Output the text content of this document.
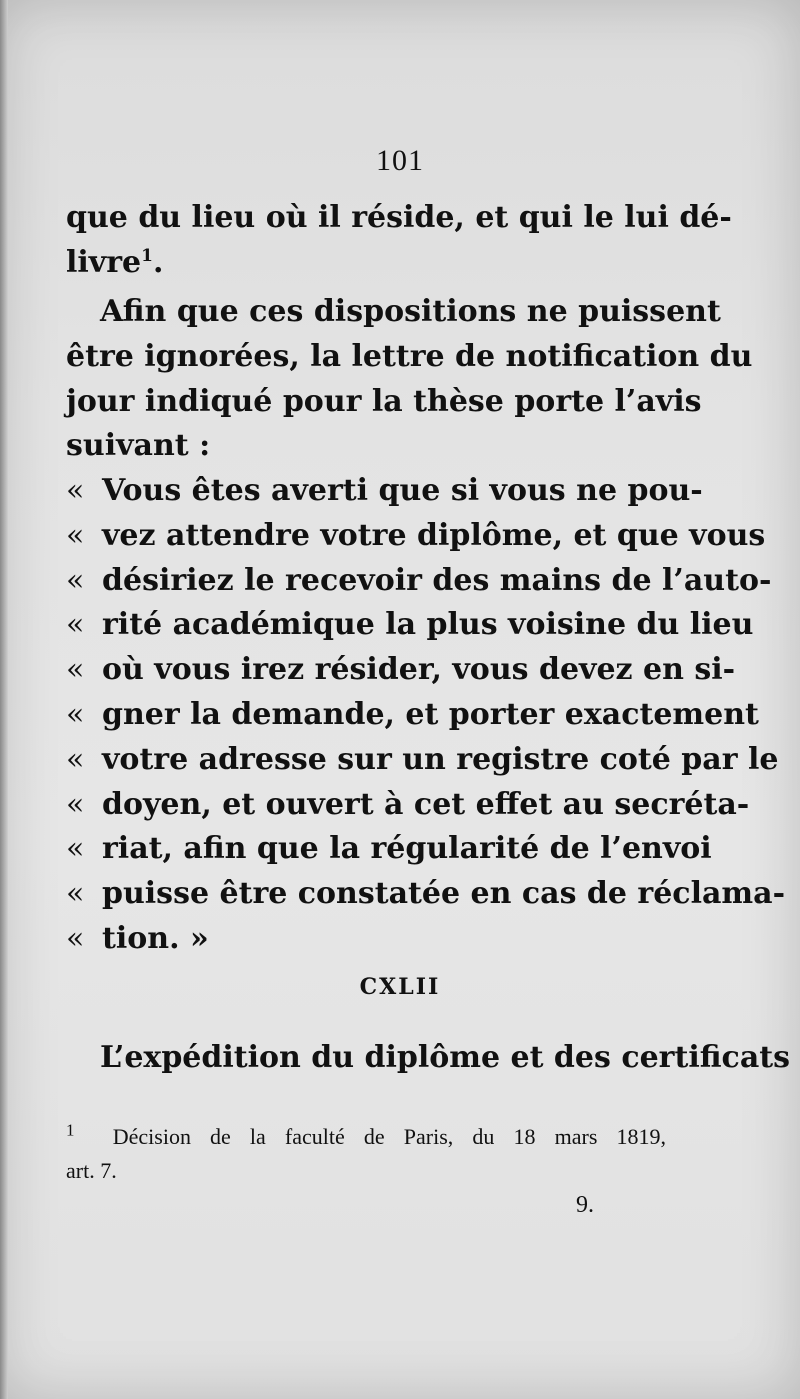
101
que du lieu où il réside, et qui le lui dé-
livre$^1$.
Afin que ces dispositions ne puissent
être ignorées, la lettre de notification du
jour indiqué pour la thèse porte l’avis
suivant :
« Vous êtes averti que si vous ne pou-
« vez attendre votre diplôme, et que vous
« désiriez le recevoir des mains de l’auto-
« rité académique la plus voisine du lieu
« où vous irez résider, vous devez en si-
« gner la demande, et porter exactement
« votre adresse sur un registre coté par le
« doyen, et ouvert à cet effet au secréta-
« riat, afin que la régularité de l’envoi
« puisse être constatée en cas de réclama-
« tion. »
CXLII
L’expédition du diplôme et des certificats
$^1$ Décision de la faculté de Paris, du 18 mars 1819,
art. 7.
9.
